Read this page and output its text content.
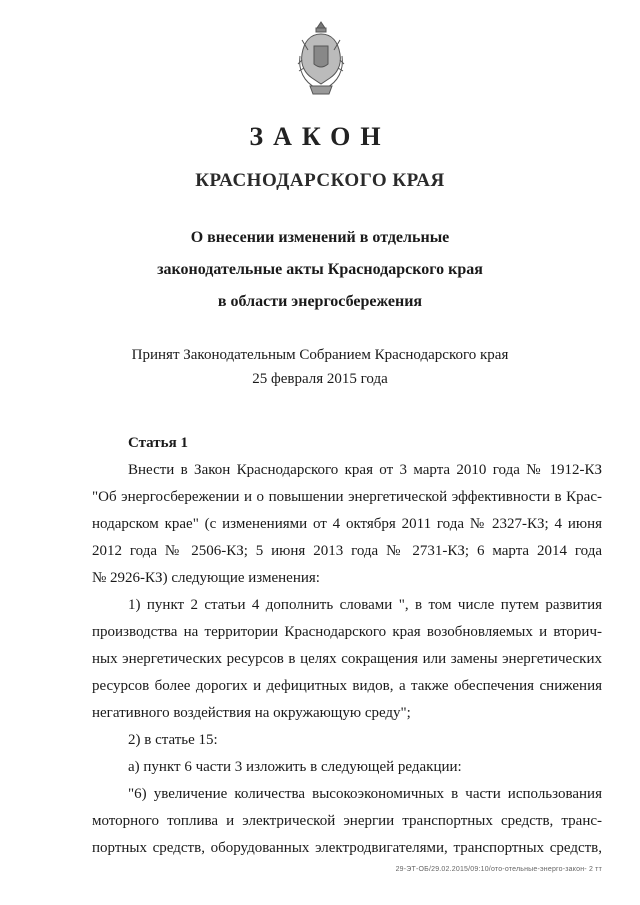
ЗАКОН
КРАСНОДАРСКОГО КРАЯ
О внесении изменений в отдельные
законодательные акты Краснодарского края
в области энергосбережения
Принят Законодательным Собранием Краснодарского края
25 февраля 2015 года
Статья 1
Внести в Закон Краснодарского края от 3 марта 2010 года № 1912-КЗ
"Об энергосбережении и о повышении энергетической эффективности в Крас-
нодарском крае" (с изменениями от 4 октября 2011 года № 2327-КЗ; 4 июня
2012 года № 2506-КЗ; 5 июня 2013 года № 2731-КЗ; 6 марта 2014 года
№ 2926-КЗ) следующие изменения:
1) пункт 2 статьи 4 дополнить словами ", в том числе путем развития
производства на территории Краснодарского края возобновляемых и вторич-
ных энергетических ресурсов в целях сокращения или замены энергетических
ресурсов более дорогих и дефицитных видов, а также обеспечения снижения
негативного воздействия на окружающую среду";
2) в статье 15:
а) пункт 6 части 3 изложить в следующей редакции:
"6) увеличение количества высокоэкономичных в части использования
моторного топлива и электрической энергии транспортных средств, транс-
портных средств, оборудованных электродвигателями, транспортных средств,
29-ЭТ-ОБ/29.02.2015/09:10/ото-отельные-энерго-закон- 2 тт
